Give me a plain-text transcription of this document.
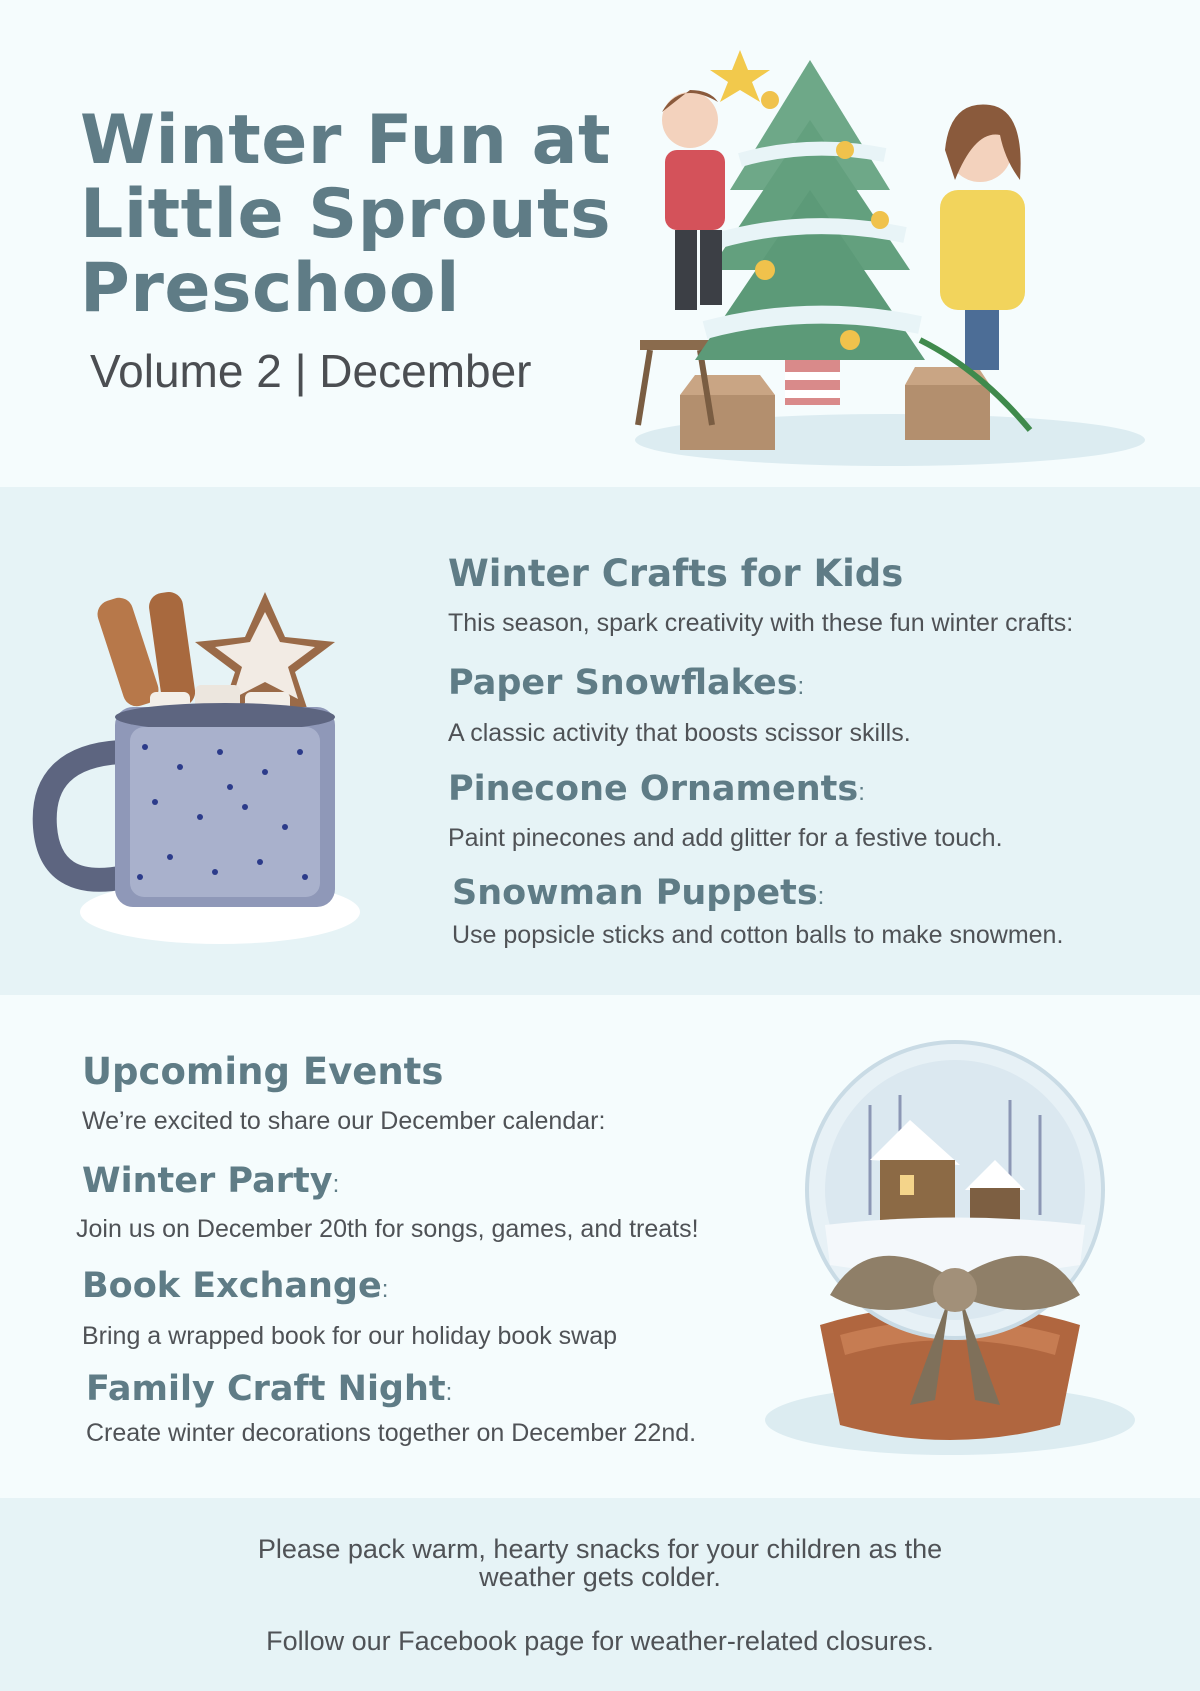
Winter Fun at Little Sprouts Preschool
Volume 2 | December
Winter Crafts for Kids

This season, spark creativity with these fun winter crafts:

Paper Snowflakes:

A classic activity that boosts scissor skills.

Pinecone Ornaments:

Paint pinecones and add glitter for a festive touch.

Snowman Puppets:

Use popsicle sticks and cotton balls to make snowmen.

Upcoming Events

We’re excited to share our December calendar:

Winter Party:

Join us on December 20th for songs, games, and treats!

Book Exchange:

Bring a wrapped book for our holiday book swap

Family Craft Night:

Create winter decorations together on December 22nd.

Please pack warm, hearty snacks for your children as the

weather gets colder.

Follow our Facebook page for weather-related closures.
